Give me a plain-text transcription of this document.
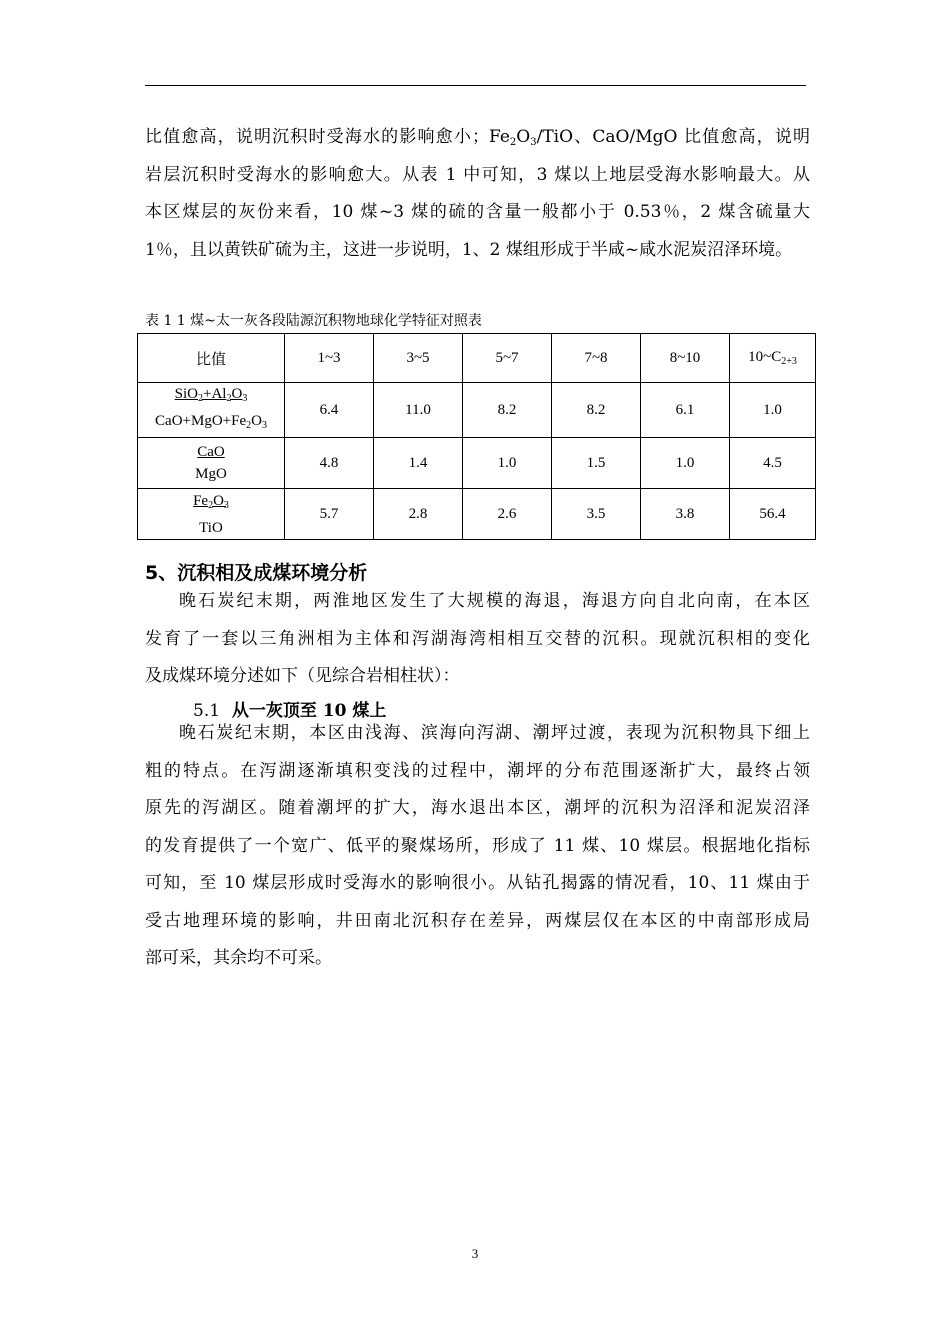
比值愈高，说明沉积时受海水的影响愈小；$Fe_2O_3$/TiO、CaO/MgO 比值愈高，说明
岩层沉积时受海水的影响愈大。从表 1 中可知，3 煤以上地层受海水影响最大。从
本区煤层的灰份来看，10 煤~3 煤的硫的含量一般都小于 0.53％，2 煤含硫量大
1％，且以黄铁矿硫为主，这进一步说明，1、2 煤组形成于半咸~咸水泥炭沼泽环境。
表 1 1 煤~太一灰各段陆源沉积物地球化学特征对照表
比值	1~3	3~5	5~7	7~8	8~10	$10\sim C_{2+3}$

$\frac{SiO_2+Al_2O_3}{CaO+MgO+Fe_2O_3}$	6.4	11.0	8.2	8.2	6.1	1.0

$\frac{\text{CaO}}{\text{MgO}}$	4.8	1.4	1.0	1.5	1.0	4.5

$\frac{Fe_2O_3}{\text{TiO}}$	5.7	2.8	2.6	3.5	3.8	56.4
5、沉积相及成煤环境分析
晚石炭纪末期，两淮地区发生了大规模的海退，海退方向自北向南，在本区
发育了一套以三角洲相为主体和泻湖海湾相相互交替的沉积。现就沉积相的变化
及成煤环境分述如下（见综合岩相柱状）：
5.1 从一灰顶至 10 煤上
晚石炭纪末期，本区由浅海、滨海向泻湖、潮坪过渡，表现为沉积物具下细上
粗的特点。在泻湖逐渐填积变浅的过程中，潮坪的分布范围逐渐扩大，最终占领
原先的泻湖区。随着潮坪的扩大，海水退出本区，潮坪的沉积为沼泽和泥炭沼泽
的发育提供了一个宽广、低平的聚煤场所，形成了 11 煤、10 煤层。根据地化指标
可知，至 10 煤层形成时受海水的影响很小。从钻孔揭露的情况看，10、11 煤由于
受古地理环境的影响，井田南北沉积存在差异，两煤层仅在本区的中南部形成局
部可采，其余均不可采。
3
